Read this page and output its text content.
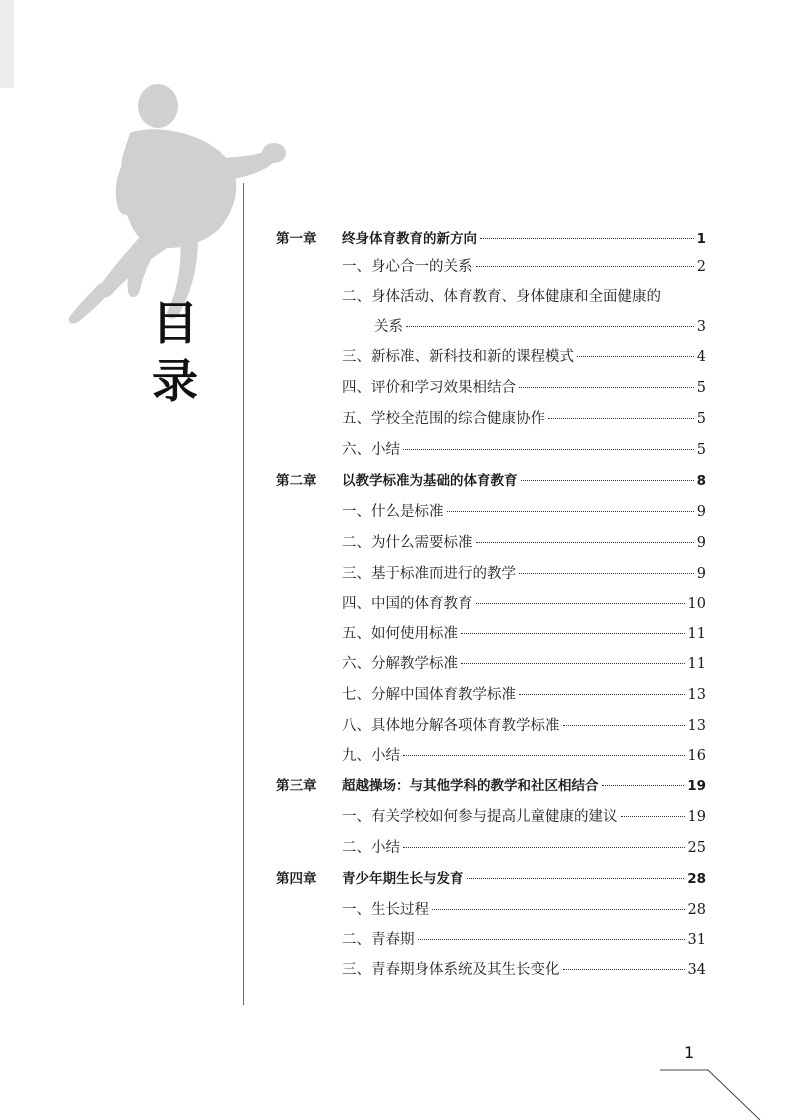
目
录
第一章	终身体育教育的新方向	1
一、身心合一的关系	2
二、身体活动、体育教育、身体健康和全面健康的
关系	3
三、新标准、新科技和新的课程模式	4
四、评价和学习效果相结合	5
五、学校全范围的综合健康协作	5
六、小结	5
第二章	以教学标准为基础的体育教育	8
一、什么是标准	9
二、为什么需要标准	9
三、基于标准而进行的教学	9
四、中国的体育教育	10
五、如何使用标准	11
六、分解教学标准	11
七、分解中国体育教学标准	13
八、具体地分解各项体育教学标准	13
九、小结	16
第三章	超越操场：与其他学科的教学和社区相结合	19
一、有关学校如何参与提高儿童健康的建议	19
二、小结	25
第四章	青少年期生长与发育	28
一、生长过程	28
二、青春期	31
三、青春期身体系统及其生长变化	34
1
